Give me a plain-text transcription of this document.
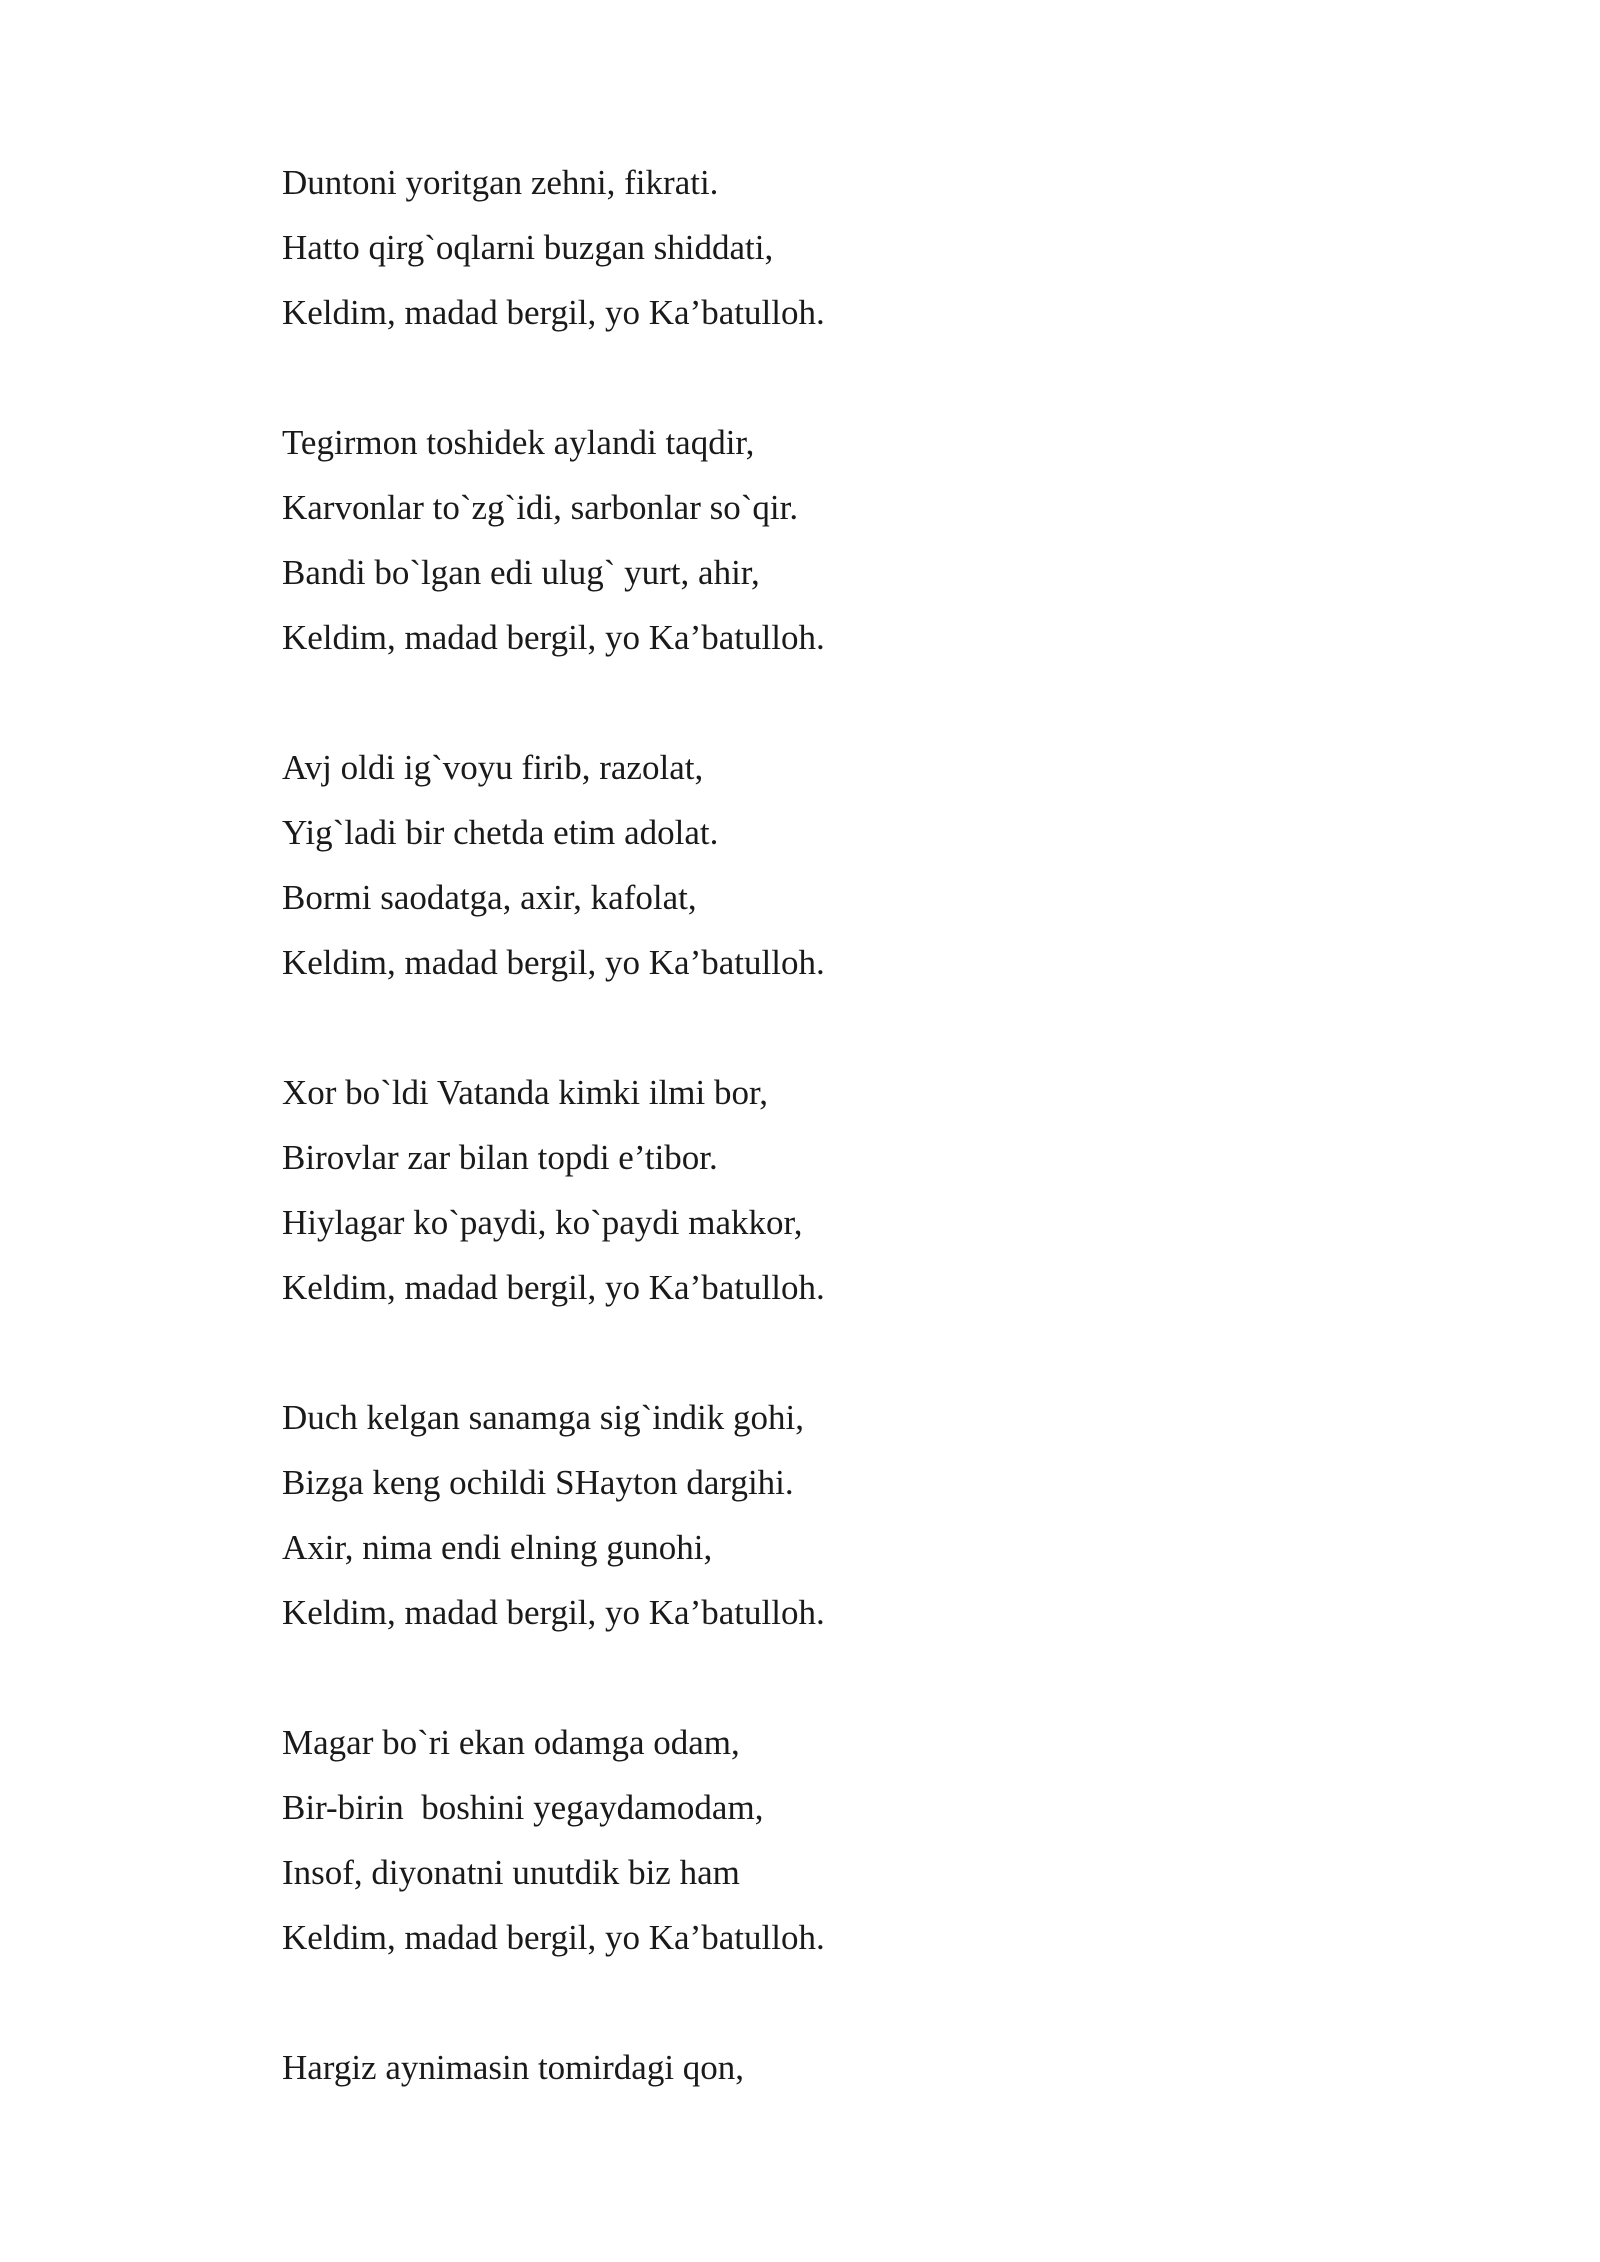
Duntoni yoritgan zehni, fikrati.
Hatto qirg`oqlarni buzgan shiddati,
Keldim, madad bergil, yo Ka’batulloh.
Tegirmon toshidek aylandi taqdir,
Karvonlar to`zg`idi, sarbonlar so`qir.
Bandi bo`lgan edi ulug` yurt, ahir,
Keldim, madad bergil, yo Ka’batulloh.
Avj oldi ig`voyu firib, razolat,
Yig`ladi bir chetda etim adolat.
Bormi saodatga, axir, kafolat,
Keldim, madad bergil, yo Ka’batulloh.
Xor bo`ldi Vatanda kimki ilmi bor,
Birovlar zar bilan topdi e’tibor.
Hiylagar ko`paydi, ko`paydi makkor,
Keldim, madad bergil, yo Ka’batulloh.
Duch kelgan sanamga sig`indik gohi,
Bizga keng ochildi SHayton dargihi.
Axir, nima endi elning gunohi,
Keldim, madad bergil, yo Ka’batulloh.
Magar bo`ri ekan odamga odam,
Bir-birin  boshini yegaydamodam,
Insof, diyonatni unutdik biz ham
Keldim, madad bergil, yo Ka’batulloh.
Hargiz aynimasin tomirdagi qon,
